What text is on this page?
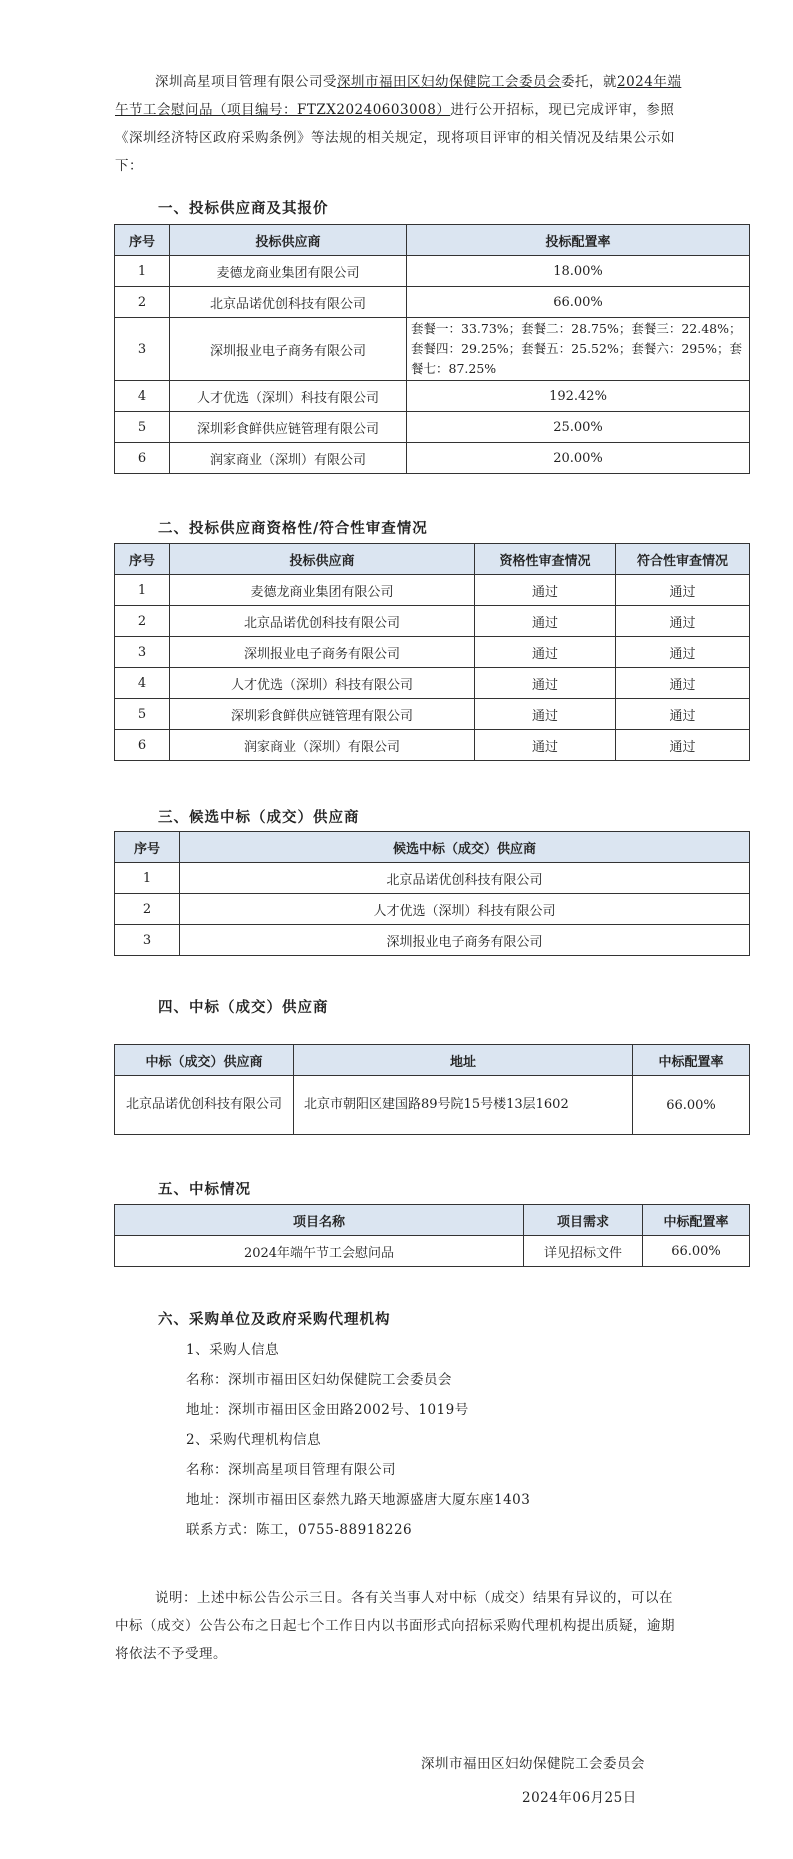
深圳高星项目管理有限公司受深圳市福田区妇幼保健院工会委员会委托，就2024年端午节工会慰问品（项目编号：FTZX20240603008）进行公开招标，现已完成评审，参照《深圳经济特区政府采购条例》等法规的相关规定，现将项目评审的相关情况及结果公示如下：
一、投标供应商及其报价
序号	投标供应商	投标配置率
1	麦德龙商业集团有限公司	18.00%
2	北京品诺优创科技有限公司	66.00%
3	深圳报业电子商务有限公司	套餐一：33.73%；套餐二：28.75%；套餐三：22.48%；套餐四：29.25%；套餐五：25.52%；套餐六：295%；套餐七：87.25%
4	人才优选（深圳）科技有限公司	192.42%
5	深圳彩食鲜供应链管理有限公司	25.00%
6	润家商业（深圳）有限公司	20.00%
二、投标供应商资格性/符合性审查情况
序号	投标供应商	资格性审查情况	符合性审查情况
1	麦德龙商业集团有限公司	通过	通过
2	北京品诺优创科技有限公司	通过	通过
3	深圳报业电子商务有限公司	通过	通过
4	人才优选（深圳）科技有限公司	通过	通过
5	深圳彩食鲜供应链管理有限公司	通过	通过
6	润家商业（深圳）有限公司	通过	通过
三、候选中标（成交）供应商
序号	候选中标（成交）供应商
1	北京品诺优创科技有限公司
2	人才优选（深圳）科技有限公司
3	深圳报业电子商务有限公司
四、中标（成交）供应商
中标（成交）供应商	地址	中标配置率
北京品诺优创科技有限公司	北京市朝阳区建国路89号院15号楼13层1602	66.00%
五、中标情况
项目名称	项目需求	中标配置率
2024年端午节工会慰问品	详见招标文件	66.00%
六、采购单位及政府采购代理机构
1、采购人信息
名称：深圳市福田区妇幼保健院工会委员会
地址：深圳市福田区金田路2002号、1019号
2、采购代理机构信息
名称：深圳高星项目管理有限公司
地址：深圳市福田区泰然九路天地源盛唐大厦东座1403
联系方式：陈工，0755-88918226
说明：上述中标公告公示三日。各有关当事人对中标（成交）结果有异议的，可以在中标（成交）公告公布之日起七个工作日内以书面形式向招标采购代理机构提出质疑，逾期将依法不予受理。
深圳市福田区妇幼保健院工会委员会
2024年06月25日
